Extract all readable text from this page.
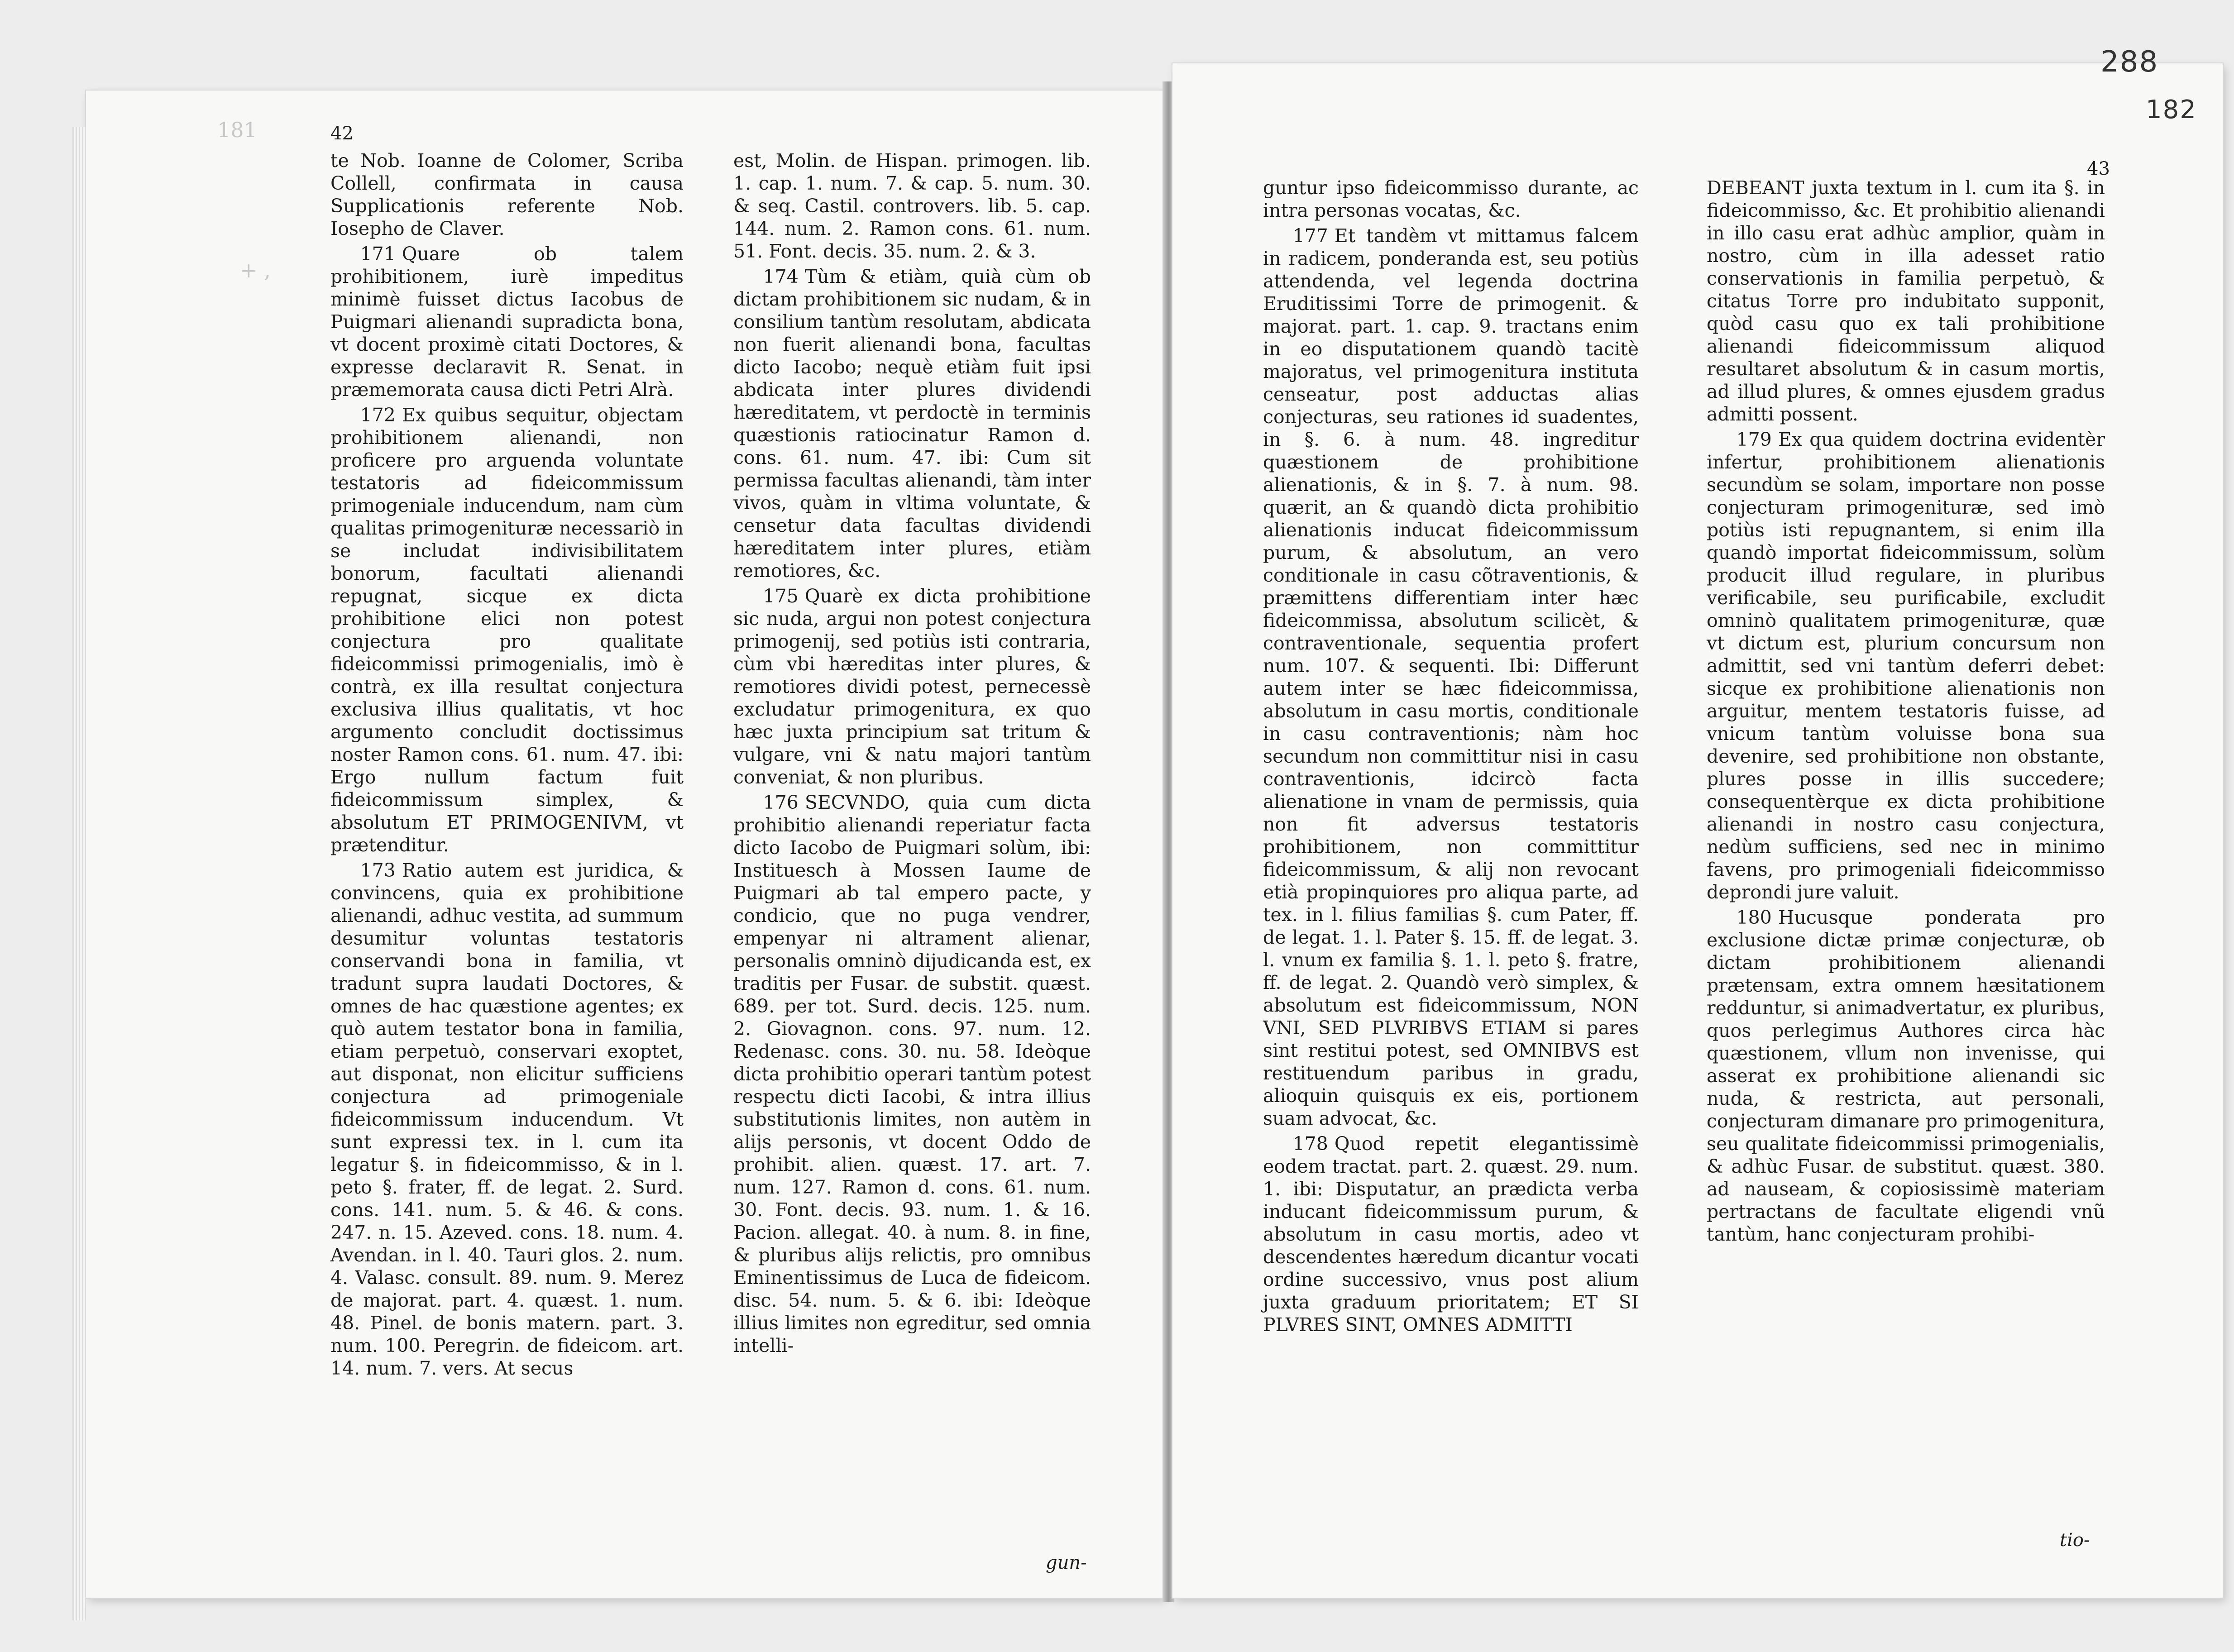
42
181
+ ,

te Nob. Ioanne de Colomer, Scriba Collell, confirmata in causa Supplicationis referente Nob. Iosepho de Claver.

171 Quare ob talem prohibitionem, iurè impeditus minimè fuisset dictus Iacobus de Puigmari alienandi supradicta bona, vt docent proximè citati Doctores, & expresse declaravit R. Senat. in præmemorata causa dicti Petri Alrà.

172 Ex quibus sequitur, objectam prohibitionem alienandi, non proficere pro arguenda voluntate testatoris ad fideicommissum primogeniale inducendum, nam cùm qualitas primogenituræ necessariò in se includat indivisibilitatem bonorum, facultati alienandi repugnat, sicque ex dicta prohibitione elici non potest conjectura pro qualitate fideicommissi primogenialis, imò è contrà, ex illa resultat conjectura exclusiva illius qualitatis, vt hoc argumento concludit doctissimus noster Ramon cons. 61. num. 47. ibi: Ergo nullum factum fuit fideicommissum simplex, & absolutum ET PRIMOGENIVM, vt prætenditur.

173 Ratio autem est juridica, & convincens, quia ex prohibitione alienandi, adhuc vestita, ad summum desumitur voluntas testatoris conservandi bona in familia, vt tradunt supra laudati Doctores, & omnes de hac quæstione agentes; ex quò autem testator bona in familia, etiam perpetuò, conservari exoptet, aut disponat, non elicitur sufficiens conjectura ad primogeniale fideicommissum inducendum. Vt sunt expressi tex. in l. cum ita legatur §. in fideicommisso, & in l. peto §. frater, ff. de legat. 2. Surd. cons. 141. num. 5. & 46. & cons. 247. n. 15. Azeved. cons. 18. num. 4. Avendan. in l. 40. Tauri glos. 2. num. 4. Valasc. consult. 89. num. 9. Merez de majorat. part. 4. quæst. 1. num. 48. Pinel. de bonis matern. part. 3. num. 100. Peregrin. de fideicom. art. 14. num. 7. vers. At secus

est, Molin. de Hispan. primogen. lib. 1. cap. 1. num. 7. & cap. 5. num. 30. & seq. Castil. controvers. lib. 5. cap. 144. num. 2. Ramon cons. 61. num. 51. Font. decis. 35. num. 2. & 3.

174 Tùm & etiàm, quià cùm ob dictam prohibitionem sic nudam, & in consilium tantùm resolutam, abdicata non fuerit alienandi bona, facultas dicto Iacobo; nequè etiàm fuit ipsi abdicata inter plures dividendi hæreditatem, vt perdoctè in terminis quæstionis ratiocinatur Ramon d. cons. 61. num. 47. ibi: Cum sit permissa facultas alienandi, tàm inter vivos, quàm in vltima voluntate, & censetur data facultas dividendi hæreditatem inter plures, etiàm remotiores, &c.

175 Quarè ex dicta prohibitione sic nuda, argui non potest conjectura primogenij, sed potiùs isti contraria, cùm vbi hæreditas inter plures, & remotiores dividi potest, pernecessè excludatur primogenitura, ex quo hæc juxta principium sat tritum & vulgare, vni & natu majori tantùm conveniat, & non pluribus.

176 SECVNDO, quia cum dicta prohibitio alienandi reperiatur facta dicto Iacobo de Puigmari solùm, ibi: Instituesch à Mossen Iaume de Puigmari ab tal empero pacte, y condicio, que no puga vendrer, empenyar ni altrament alienar, personalis omninò dijudicanda est, ex traditis per Fusar. de substit. quæst. 689. per tot. Surd. decis. 125. num. 2. Giovagnon. cons. 97. num. 12. Redenasc. cons. 30. nu. 58. Ideòque dicta prohibitio operari tantùm potest respectu dicti Iacobi, & intra illius substitutionis limites, non autèm in alijs personis, vt docent Oddo de prohibit. alien. quæst. 17. art. 7. num. 127. Ramon d. cons. 61. num. 30. Font. decis. 93. num. 1. & 16. Pacion. allegat. 40. à num. 8. in fine, & pluribus alijs relictis, pro omnibus Eminentissimus de Luca de fideicom. disc. 54. num. 5. & 6. ibi: Ideòque illius limites non egreditur, sed omnia intelli-

gun-
288
182
43

guntur ipso fideicommisso durante, ac intra personas vocatas, &c.

177 Et tandèm vt mittamus falcem in radicem, ponderanda est, seu potiùs attendenda, vel legenda doctrina Eruditissimi Torre de primogenit. & majorat. part. 1. cap. 9. tractans enim in eo disputationem quandò tacitè majoratus, vel primogenitura instituta censeatur, post adductas alias conjecturas, seu rationes id suadentes, in §. 6. à num. 48. ingreditur quæstionem de prohibitione alienationis, & in §. 7. à num. 98. quærit, an & quandò dicta prohibitio alienationis inducat fideicommissum purum, & absolutum, an vero conditionale in casu cõtraventionis, & præmittens differentiam inter hæc fideicommissa, absolutum scilicèt, & contraventionale, sequentia profert num. 107. & sequenti. Ibi: Differunt autem inter se hæc fideicommissa, absolutum in casu mortis, conditionale in casu contraventionis; nàm hoc secundum non committitur nisi in casu contraventionis, idcircò facta alienatione in vnam de permissis, quia non fit adversus testatoris prohibitionem, non committitur fideicommissum, & alij non revocant etià propinquiores pro aliqua parte, ad tex. in l. filius familias §. cum Pater, ff. de legat. 1. l. Pater §. 15. ff. de legat. 3. l. vnum ex familia §. 1. l. peto §. fratre, ff. de legat. 2. Quandò verò simplex, & absolutum est fideicommissum, NON VNI, SED PLVRIBVS ETIAM si pares sint restitui potest, sed OMNIBVS est restituendum paribus in gradu, alioquin quisquis ex eis, portionem suam advocat, &c.

178 Quod repetit elegantissimè eodem tractat. part. 2. quæst. 29. num. 1. ibi: Disputatur, an prædicta verba inducant fideicommissum purum, & absolutum in casu mortis, adeo vt descendentes hæredum dicantur vocati ordine successivo, vnus post alium juxta graduum prioritatem; ET SI PLVRES SINT, OMNES ADMITTI

DEBEANT juxta textum in l. cum ita §. in fideicommisso, &c. Et prohibitio alienandi in illo casu erat adhùc amplior, quàm in nostro, cùm in illa adesset ratio conservationis in familia perpetuò, & citatus Torre pro indubitato supponit, quòd casu quo ex tali prohibitione alienandi fideicommissum aliquod resultaret absolutum & in casum mortis, ad illud plures, & omnes ejusdem gradus admitti possent.

179 Ex qua quidem doctrina evidentèr infertur, prohibitionem alienationis secundùm se solam, importare non posse conjecturam primogenituræ, sed imò potiùs isti repugnantem, si enim illa quandò importat fideicommissum, solùm producit illud regulare, in pluribus verificabile, seu purificabile, excludit omninò qualitatem primogenituræ, quæ vt dictum est, plurium concursum non admittit, sed vni tantùm deferri debet: sicque ex prohibitione alienationis non arguitur, mentem testatoris fuisse, ad vnicum tantùm voluisse bona sua devenire, sed prohibitione non obstante, plures posse in illis succedere; consequentèrque ex dicta prohibitione alienandi in nostro casu conjectura, nedùm sufficiens, sed nec in minimo favens, pro primogeniali fideicommisso deprondi jure valuit.

180 Hucusque ponderata pro exclusione dictæ primæ conjecturæ, ob dictam prohibitionem alienandi prætensam, extra omnem hæsitationem redduntur, si animadvertatur, ex pluribus, quos perlegimus Authores circa hàc quæstionem, vllum non invenisse, qui asserat ex prohibitione alienandi sic nuda, & restricta, aut personali, conjecturam dimanare pro primogenitura, seu qualitate fideicommissi primogenialis, & adhùc Fusar. de substitut. quæst. 380. ad nauseam, & copiosissimè materiam pertractans de facultate eligendi vnũ tantùm, hanc conjecturam prohibi-

tio-
